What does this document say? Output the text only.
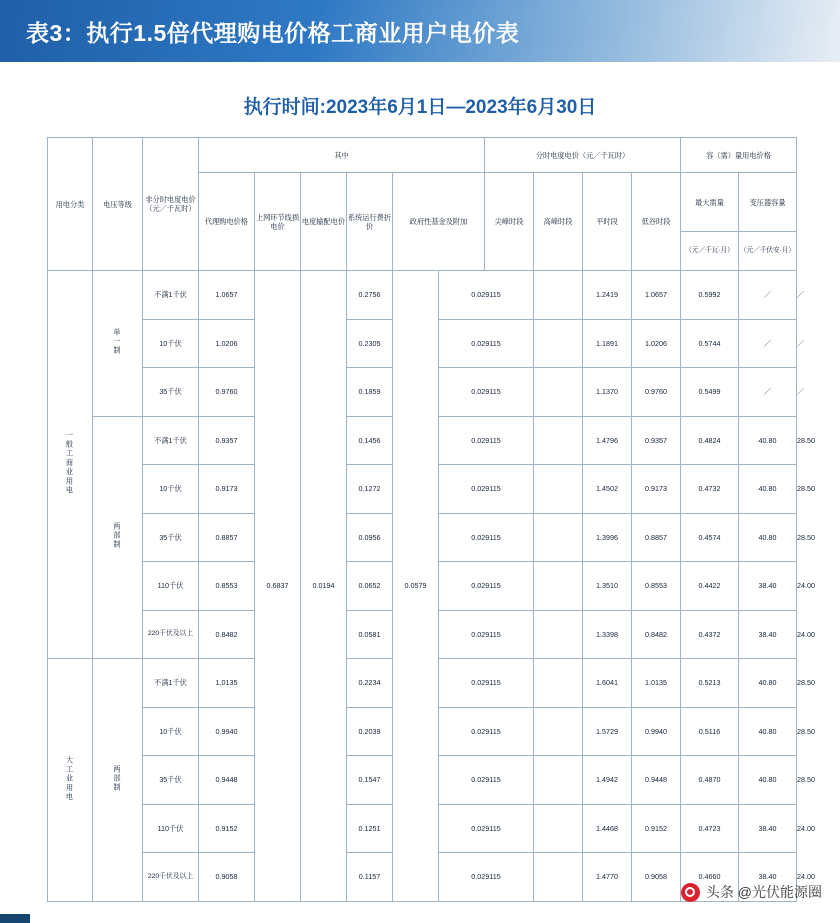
表3：执行1.5倍代理购电价格工商业用户电价表
执行时间:2023年6月1日—2023年6月30日
用电分类	电压等级	非分时电度电价（元／千瓦时）	其中						分时电度电价（元／千瓦时）				容（需）量用电价格		
			代理购电价格	上网环节线损电价	电度输配电价	系统运行费折价	政府性基金及附加		尖峰时段	高峰时段	平时段	低谷时段	最大需量	变压器容量	
													（元／千瓦·月）	（元／千伏安·月）	
一般工商业用电	单一制	不满1千伏	1.0657	0.6837	0.0194	0.2756	0.0579	0.029115			1.2419	1.0657	0.5992	／	／
		10千伏	1.0206			0.2305		0.029115			1.1891	1.0206	0.5744	／	／
		35千伏	0.9760			0.1859		0.029115			1.1370	0.9760	0.5499	／	／
	两部制	不满1千伏	0.9357			0.1456		0.029115			1.4796	0.9357	0.4824	40.80	28.50
		10千伏	0.9173			0.1272		0.029115			1.4502	0.9173	0.4732	40.80	28.50
		35千伏	0.8857			0.0956		0.029115			1.3996	0.8857	0.4574	40.80	28.50
		110千伏	0.8553			0.0652		0.029115			1.3510	0.8553	0.4422	38.40	24.00
		220千伏及以上	0.8482			0.0581		0.029115			1.3398	0.8482	0.4372	38.40	24.00
大工业用电	两部制	不满1千伏	1.0135			0.2234		0.029115			1.6041	1.0135	0.5213	40.80	28.50
		10千伏	0.9940			0.2039		0.029115			1.5729	0.9940	0.5116	40.80	28.50
		35千伏	0.9448			0.1547		0.029115			1.4942	0.9448	0.4870	40.80	28.50
		110千伏	0.9152			0.1251		0.029115			1.4468	0.9152	0.4723	38.40	24.00
		220千伏及以上	0.9058			0.1157		0.029115			1.4770	0.9058	0.4660	38.40	24.00
头条 @光伏能源圈
